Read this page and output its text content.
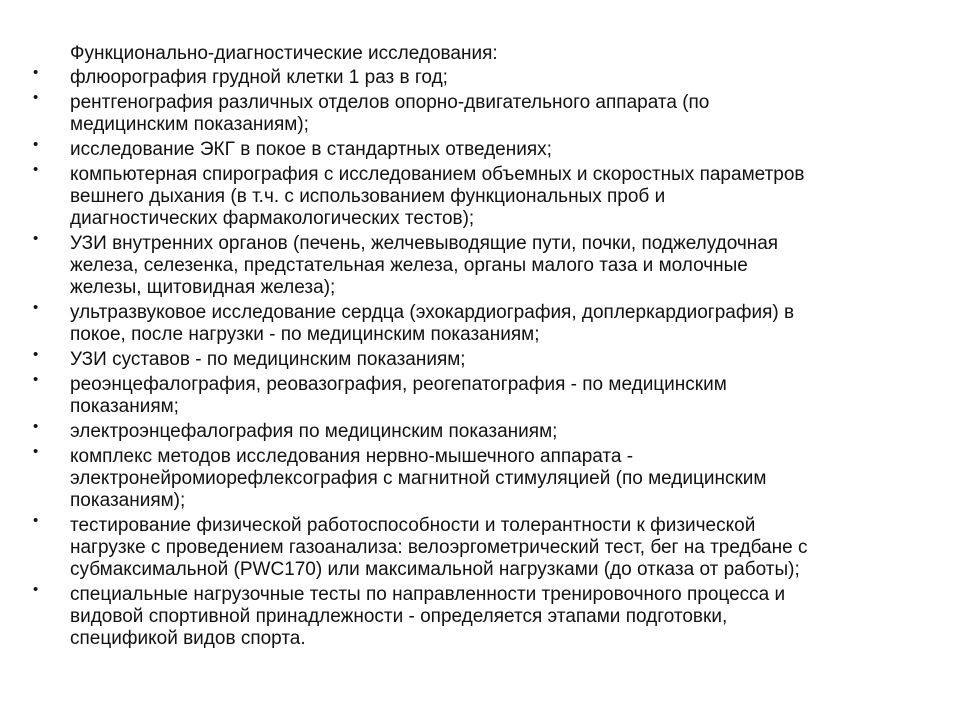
Функционально-диагностические исследования:

• флюорография грудной клетки 1 раз в год;
• рентгенография различных отделов опорно-двигательного аппарата (по
медицинским показаниям);
• исследование ЭКГ в покое в стандартных отведениях;
• компьютерная спирография с исследованием объемных и скоростных параметров
вешнего дыхания (в т.ч. с использованием функциональных проб и
диагностических фармакологических тестов);
• УЗИ внутренних органов (печень, желчевыводящие пути, почки, поджелудочная
железа, селезенка, предстательная железа, органы малого таза и молочные
железы, щитовидная железа);
• ультразвуковое исследование сердца (эхокардиография, доплеркардиография) в
покое, после нагрузки - по медицинским показаниям;
• УЗИ суставов - по медицинским показаниям;
• реоэнцефалография, реовазография, реогепатография - по медицинским
показаниям;
• электроэнцефалография по медицинским показаниям;
• комплекс методов исследования нервно-мышечного аппарата -
электронейромиорефлексография с магнитной стимуляцией (по медицинским
показаниям);
• тестирование физической работоспособности и толерантности к физической
нагрузке с проведением газоанализа: велоэргометрический тест, бег на тредбане с
субмаксимальной (PWC170) или максимальной нагрузками (до отказа от работы);
• специальные нагрузочные тесты по направленности тренировочного процесса и
видовой спортивной принадлежности - определяется этапами подготовки,
спецификой видов спорта.
